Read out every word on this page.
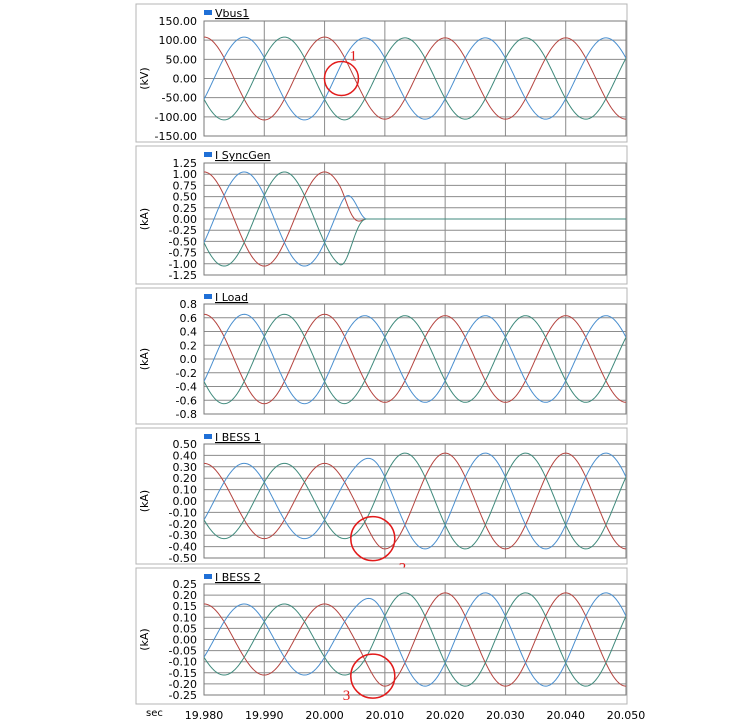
150.00
100.00
50.00
0.00
-50.00
-100.00
-150.00
(kV)
Vbus1
1
1.25
1.00
0.75
0.50
0.25
0.00
-0.25
-0.50
-0.75
-1.00
-1.25
(kA)
I SyncGen
0.8
0.6
0.4
0.2
0.0
-0.2
-0.4
-0.6
-0.8
(kA)
I Load
0.50
0.40
0.30
0.20
0.10
0.00
-0.10
-0.20
-0.30
-0.40
-0.50
(kA)
I BESS 1
0.25
0.20
0.15
0.10
0.05
0.00
-0.05
-0.10
-0.15
-0.20
-0.25
(kA)
I BESS 2
3
19.980 19.990 20.000 20.010 20.020 20.030 20.040 20.050
sec
